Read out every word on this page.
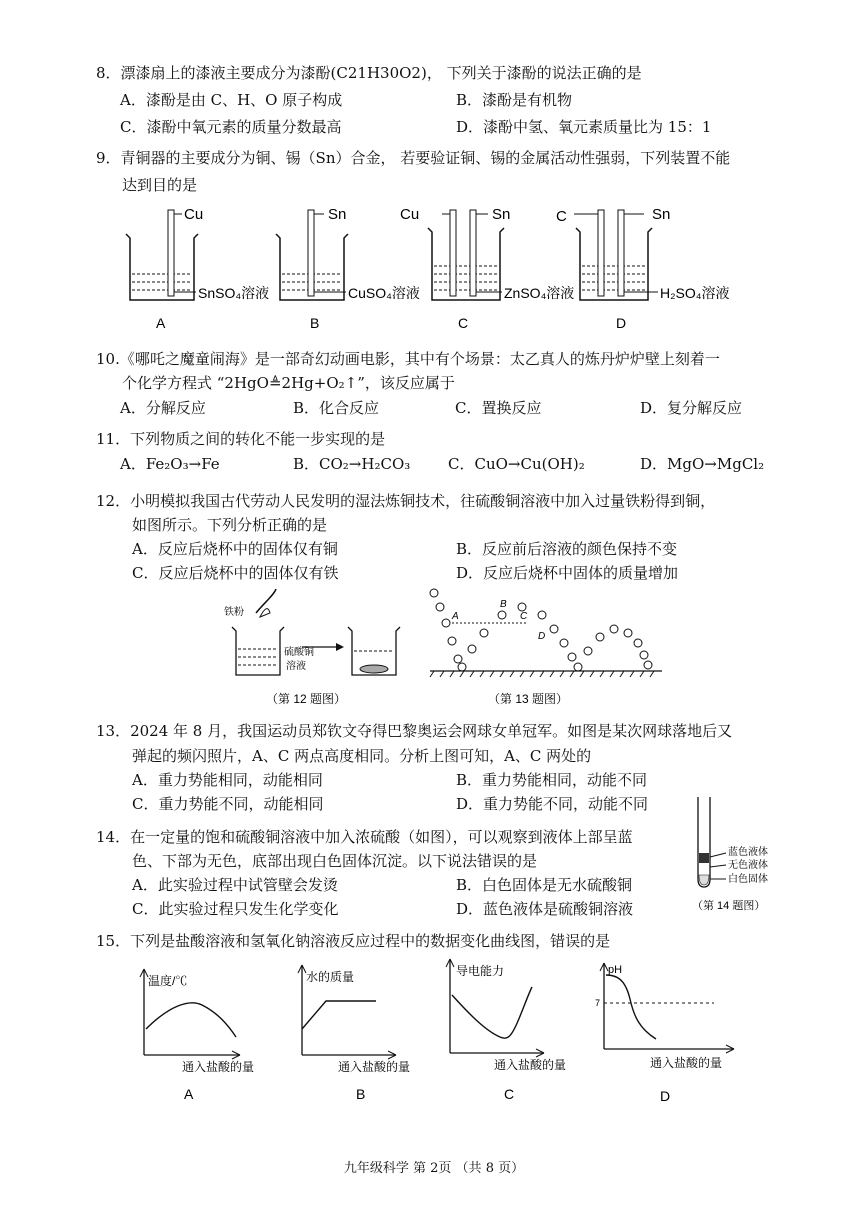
8．漂漆扇上的漆液主要成分为漆酚(C21H30O2)， 下列关于漆酚的说法正确的是
A．漆酚是由 C、H、O 原子构成	B．漆酚是有机物
C．漆酚中氧元素的质量分数最高	D．漆酚中氢、氧元素质量比为 15：1
9．青铜器的主要成分为铜、锡（Sn）合金， 若要验证铜、锡的金属活动性强弱，下列装置不能
达到目的是
Cu
SnSO₄溶液
A
Sn
CuSO₄溶液
B
Cu	Sn
ZnSO₄溶液
C
C	Sn
H₂SO₄溶液
D
10.《哪吒之魔童闹海》是一部奇幻动画电影，其中有个场景：太乙真人的炼丹炉炉壁上刻着一
个化学方程式 “2HgO≜2Hg+O₂↑”，该反应属于
A．分解反应	B．化合反应	C．置换反应	D．复分解反应
11．下列物质之间的转化不能一步实现的是
A．Fe₂O₃→Fe	B．CO₂→H₂CO₃	C．CuO→Cu(OH)₂	D．MgO→MgCl₂
12．小明模拟我国古代劳动人民发明的湿法炼铜技术，往硫酸铜溶液中加入过量铁粉得到铜，
如图所示。下列分析正确的是
A．反应后烧杯中的固体仅有铜	B．反应前后溶液的颜色保持不变
C．反应后烧杯中的固体仅有铁	D．反应后烧杯中固体的质量增加
铁粉
硫酸铜
溶液
（第 12 题图）
A
B
C
D
（第 13 题图）
13．2024 年 8 月，我国运动员郑钦文夺得巴黎奥运会网球女单冠军。如图是某次网球落地后又
弹起的频闪照片，A、C 两点高度相同。分析上图可知，A、C 两处的
A．重力势能相同，动能相同	B．重力势能相同，动能不同
C．重力势能不同，动能相同	D．重力势能不同，动能不同
14．在一定量的饱和硫酸铜溶液中加入浓硫酸（如图），可以观察到液体上部呈蓝
色、下部为无色，底部出现白色固体沉淀。以下说法错误的是
A．此实验过程中试管壁会发烫	B．白色固体是无水硫酸铜
C．此实验过程只发生化学变化	D．蓝色液体是硫酸铜溶液
蓝色液体
无色液体
白色固体
（第 14 题图）
15．下列是盐酸溶液和氢氧化钠溶液反应过程中的数据变化曲线图，错误的是
温度/℃
通入盐酸的量
A
水的质量
通入盐酸的量
B
导电能力
通入盐酸的量
C
pH
7
通入盐酸的量
D
九年级科学 第 2页 （共 8 页）
